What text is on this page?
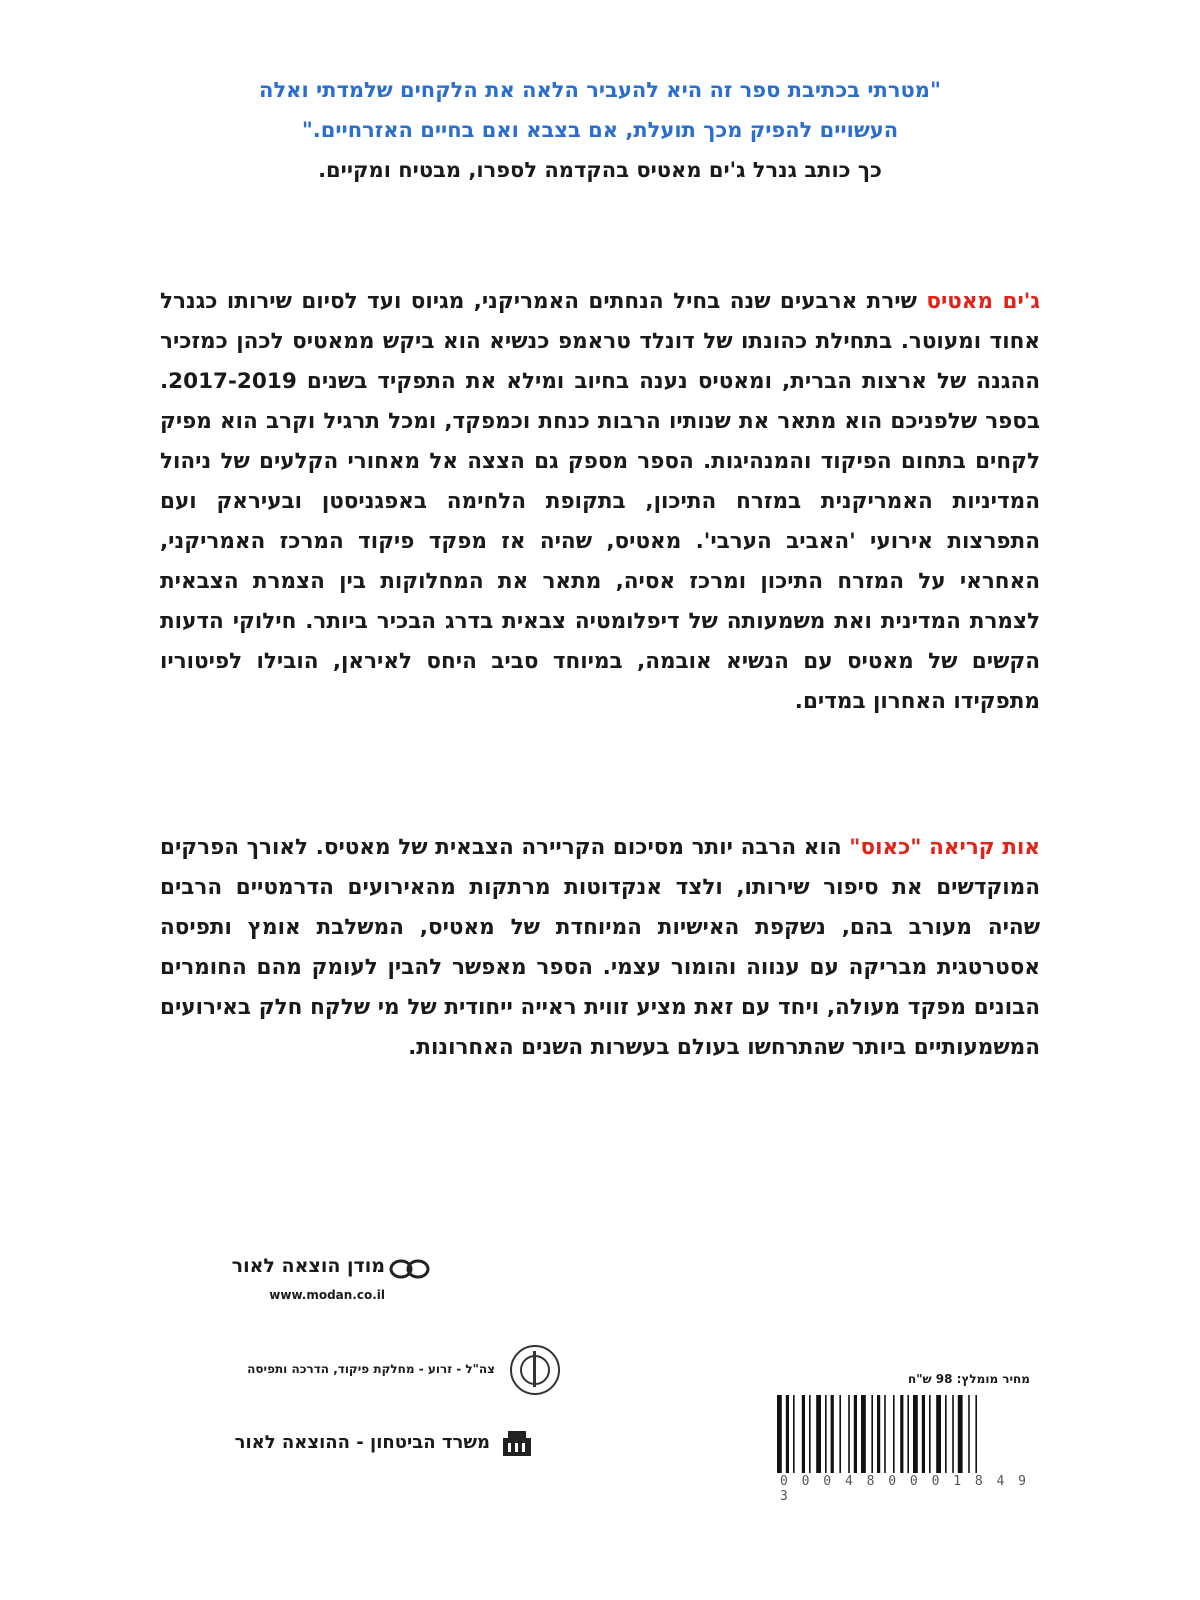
"מטרתי בכתיבת ספר זה היא להעביר הלאה את הלקחים שלמדתי ואלה
העשויים להפיק מכך תועלת, אם בצבא ואם בחיים האזרחיים."
כך כותב גנרל ג'ים מאטיס בהקדמה לספרו, מבטיח ומקיים.
ג'ים מאטיס שירת ארבעים שנה בחיל הנחתים האמריקני, מגיוס ועד לסיום שירותו כגנרל אחוד ומעוטר. בתחילת כהונתו של דונלד טראמפ כנשיא הוא ביקש ממאטיס לכהן כמזכיר ההגנה של ארצות הברית, ומאטיס נענה בחיוב ומילא את התפקיד בשנים 2017-2019. בספר שלפניכם הוא מתאר את שנותיו הרבות כנחת וכמפקד, ומכל תרגיל וקרב הוא מפיק לקחים בתחום הפיקוד והמנהיגות. הספר מספק גם הצצה אל מאחורי הקלעים של ניהול המדיניות האמריקנית במזרח התיכון, בתקופת הלחימה באפגניסטן ובעיראק ועם התפרצות אירועי 'האביב הערבי'. מאטיס, שהיה אז מפקד פיקוד המרכז האמריקני, האחראי על המזרח התיכון ומרכז אסיה, מתאר את המחלוקות בין הצמרת הצבאית לצמרת המדינית ואת משמעותה של דיפלומטיה צבאית בדרג הבכיר ביותר. חילוקי הדעות הקשים של מאטיס עם הנשיא אובמה, במיוחד סביב היחס לאיראן, הובילו לפיטוריו מתפקידו האחרון במדים.
אות קריאה "כאוס" הוא הרבה יותר מסיכום הקריירה הצבאית של מאטיס. לאורך הפרקים המוקדשים את סיפור שירותו, ולצד אנקדוטות מרתקות מהאירועים הדרמטיים הרבים שהיה מעורב בהם, נשקפת האישיות המיוחדת של מאטיס, המשלבת אומץ ותפיסה אסטרטגית מבריקה עם ענווה והומור עצמי. הספר מאפשר להבין לעומק מהם החומרים הבונים מפקד מעולה, ויחד עם זאת מציע זווית ראייה ייחודית של מי שלקח חלק באירועים המשמעותיים ביותר שהתרחשו בעולם בעשרות השנים האחרונות.
מודן הוצאה לאור
www.modan.co.il
צה"ל - זרוע - מחלקת פיקוד, הדרכה ותפיסה
משרד הביטחון - ההוצאה לאור
מחיר מומלץ: 98 ש"ח
0 0 0 4 8 0 0 0 1 8 4 9 3
